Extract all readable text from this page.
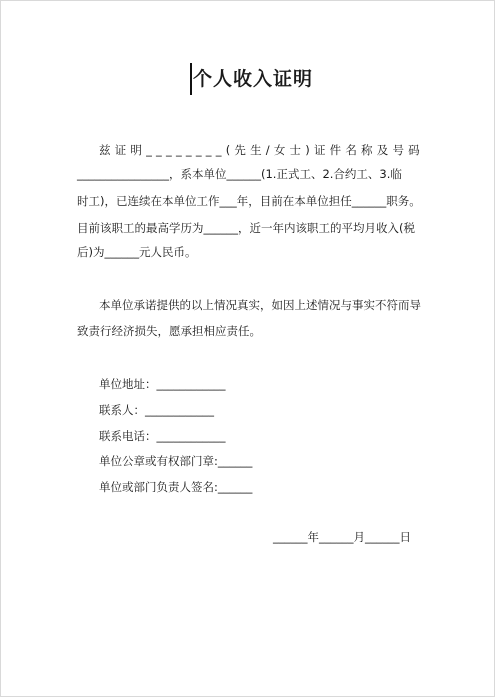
个人收入证明
兹证明________(先生/女士)证件名称及号码
________________，系本单位______(1.正式工、2.合约工、3.临
时工)，已连续在本单位工作___年，目前在本单位担任______职务。
目前该职工的最高学历为______，近一年内该职工的平均月收入(税
后)为______元人民币。
本单位承诺提供的以上情况真实，如因上述情况与事实不符而导
致责行经济损失，愿承担相应责任。
单位地址：____________
联系人：____________
联系电话：____________
单位公章或有权部门章:______
单位或部门负责人签名:______
______年______月______日
